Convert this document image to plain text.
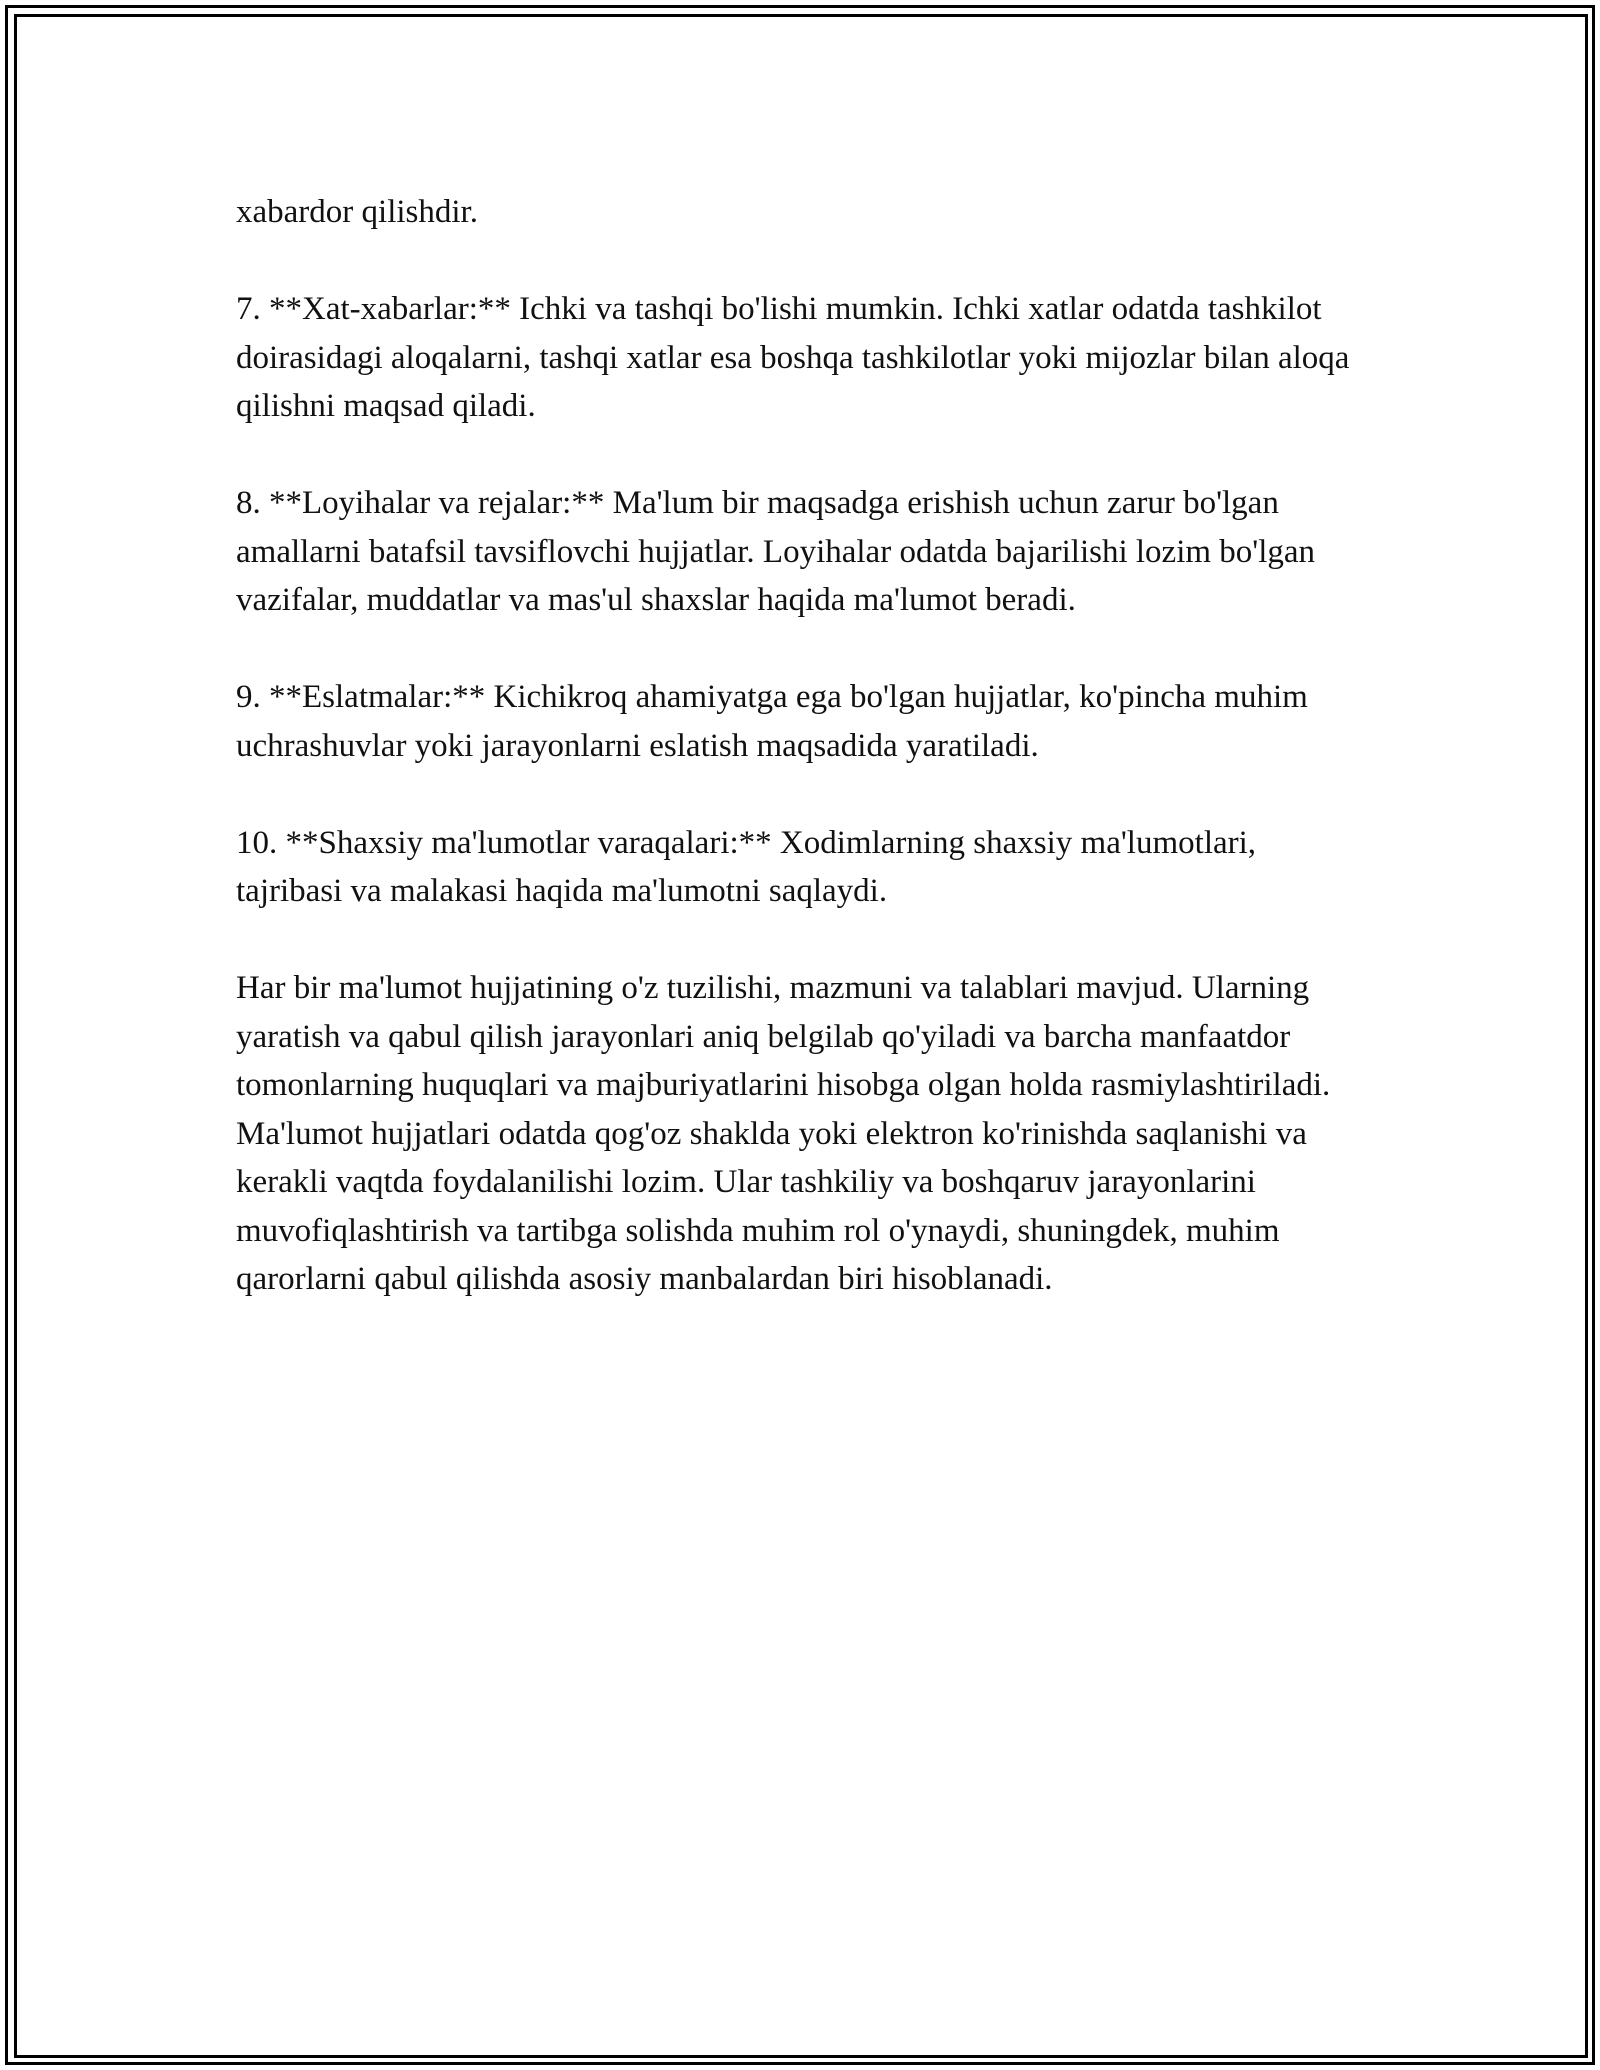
xabardor qilishdir.

7. **Xat-xabarlar:** Ichki va tashqi bo'lishi mumkin. Ichki xatlar odatda tashkilot doirasidagi aloqalarni, tashqi xatlar esa boshqa tashkilotlar yoki mijozlar bilan aloqa qilishni maqsad qiladi.

8. **Loyihalar va rejalar:** Ma'lum bir maqsadga erishish uchun zarur bo'lgan amallarni batafsil tavsiflovchi hujjatlar. Loyihalar odatda bajarilishi lozim bo'lgan vazifalar, muddatlar va mas'ul shaxslar haqida ma'lumot beradi.

9. **Eslatmalar:** Kichikroq ahamiyatga ega bo'lgan hujjatlar, ko'pincha muhim uchrashuvlar yoki jarayonlarni eslatish maqsadida yaratiladi.

10. **Shaxsiy ma'lumotlar varaqalari:** Xodimlarning shaxsiy ma'lumotlari, tajribasi va malakasi haqida ma'lumotni saqlaydi.

Har bir ma'lumot hujjatining o'z tuzilishi, mazmuni va talablari mavjud. Ularning yaratish va qabul qilish jarayonlari aniq belgilab qo'yiladi va barcha manfaatdor tomonlarning huquqlari va majburiyatlarini hisobga olgan holda rasmiylashtiriladi. Ma'lumot hujjatlari odatda qog'oz shaklda yoki elektron ko'rinishda saqlanishi va kerakli vaqtda foydalanilishi lozim. Ular tashkiliy va boshqaruv jarayonlarini muvofiqlashtirish va tartibga solishda muhim rol o'ynaydi, shuningdek, muhim qarorlarni qabul qilishda asosiy manbalardan biri hisoblanadi.
